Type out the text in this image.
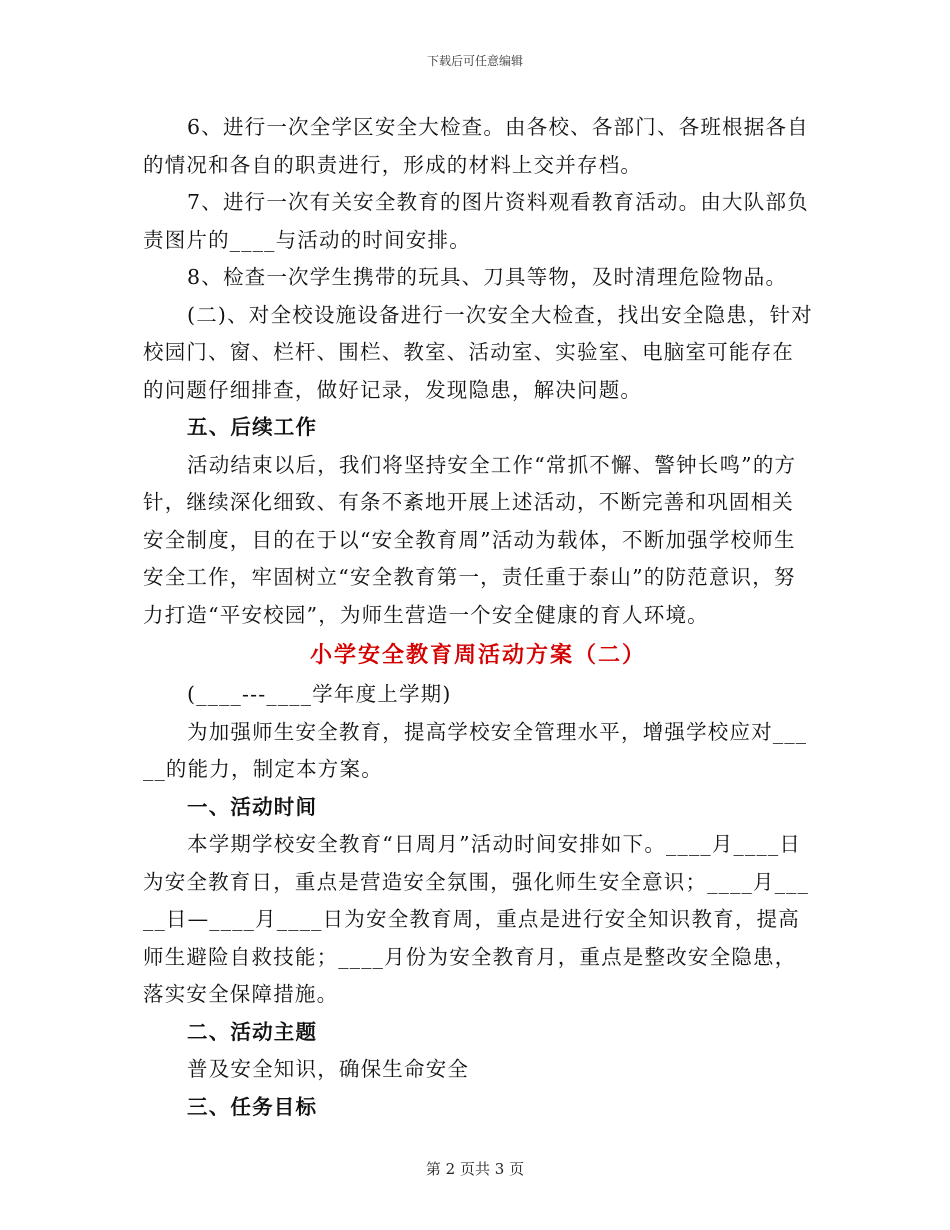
下载后可任意编辑

6、进行一次全学区安全大检查。由各校、各部门、各班根据各自的情况和各自的职责进行，形成的材料上交并存档。

7、进行一次有关安全教育的图片资料观看教育活动。由大队部负责图片的____与活动的时间安排。

8、检查一次学生携带的玩具、刀具等物，及时清理危险物品。

(二)、对全校设施设备进行一次安全大检查，找出安全隐患，针对校园门、窗、栏杆、围栏、教室、活动室、实验室、电脑室可能存在的问题仔细排查，做好记录，发现隐患，解决问题。

五、后续工作

活动结束以后，我们将坚持安全工作“常抓不懈、警钟长鸣”的方针，继续深化细致、有条不紊地开展上述活动，不断完善和巩固相关安全制度，目的在于以“安全教育周”活动为载体，不断加强学校师生安全工作，牢固树立“安全教育第一，责任重于泰山”的防范意识，努力打造“平安校园”，为师生营造一个安全健康的育人环境。

小学安全教育周活动方案（二）

(____---____学年度上学期)

为加强师生安全教育，提高学校安全管理水平，增强学校应对_____的能力，制定本方案。

一、活动时间

本学期学校安全教育“日周月”活动时间安排如下。____月____日为安全教育日，重点是营造安全氛围，强化师生安全意识；____月_____日—____月____日为安全教育周，重点是进行安全知识教育，提高师生避险自救技能；____月份为安全教育月，重点是整改安全隐患，落实安全保障措施。

二、活动主题

普及安全知识，确保生命安全

三、任务目标

第 2 页共 3 页
